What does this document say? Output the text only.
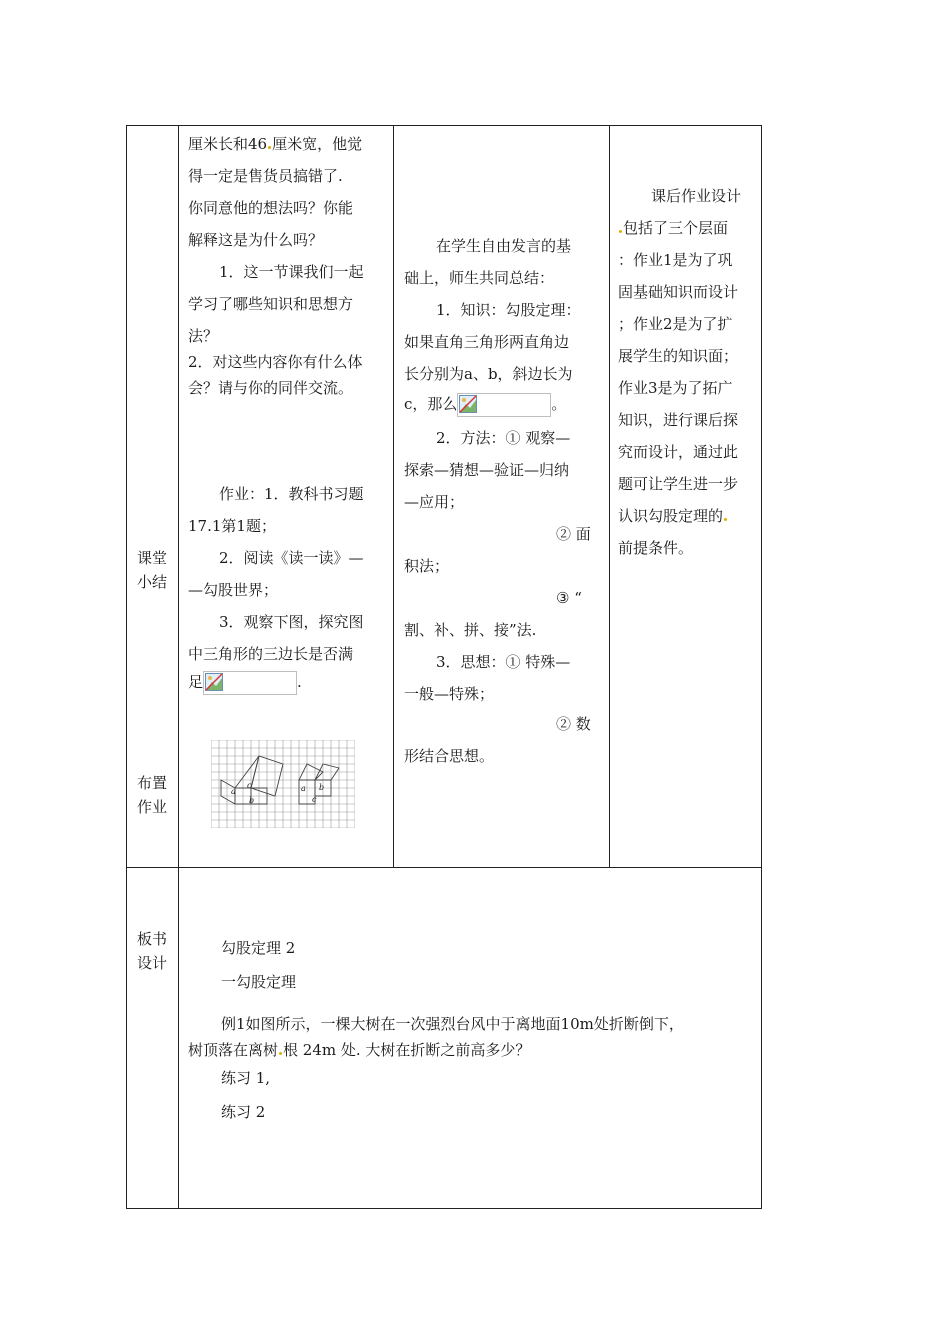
课堂小结
布置作业
板书设计
厘米长和46 厘米宽，他觉
得一定是售货员搞错了.
你同意他的想法吗？你能
解释这是为什么吗？
1．这一节课我们一起
学习了哪些知识和思想方
法？
2．对这些内容你有什么体
会？请与你的同伴交流。
作业：1．教科书习题
17.1第1题；
2．阅读《读一读》—
—勾股世界；
3．观察下图，探究图
中三角形的三边长是否满
足	.
a
c
b
a b
c
在学生自由发言的基
础上，师生共同总结：
1．知识：勾股定理：
如果直角三角形两直角边
长分别为a、b，斜边长为
c，那么	。
2．方法：① 观察—
探索—猜想—验证—归纳
—应用；
② 面
积法；
③ “
割、补、拼、接”法.
3．思想：① 特殊—
一般—特殊；
② 数
形结合思想。
课后作业设计
包括了三个层面
：作业1是为了巩
固基础知识而设计
；作业2是为了扩
展学生的知识面；
作业3是为了拓广
知识，进行课后探
究而设计，通过此
题可让学生进一步
认识勾股定理的
前提条件。
勾股定理 2
一勾股定理
例1如图所示，一棵大树在一次强烈台风中于离地面10m处折断倒下，
树顶落在离树 根 24m 处. 大树在折断之前高多少？
练习 1,
练习 2
